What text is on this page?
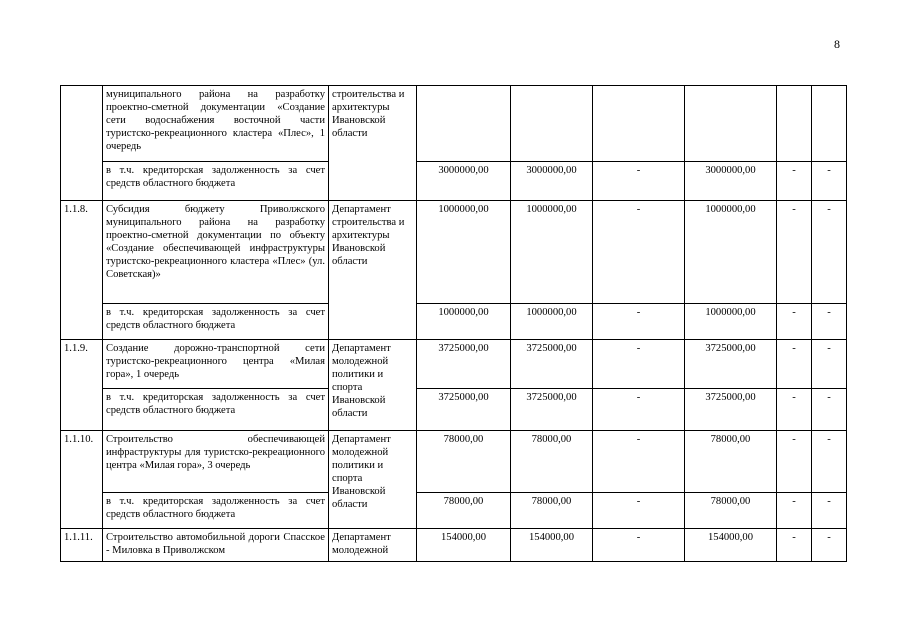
8
	муниципального района на разработку проектно-сметной документации «Создание сети водоснабжения восточной части туристско-рекреационного кластера «Плес», 1 очередь	строительства и архитектуры Ивановской области						
	в т.ч. кредиторская задолженность за счет средств областного бюджета		3000000,00	3000000,00	-	3000000,00	-	-
1.1.8.	Субсидия бюджету Приволжского муниципального района на разработку проектно-сметной документации по объекту «Создание обеспечивающей инфраструктуры туристско-рекреационного кластера «Плес» (ул. Советская)»	Департамент строительства и архитектуры Ивановской области	1000000,00	1000000,00	-	1000000,00	-	-
	в т.ч. кредиторская задолженность за счет средств областного бюджета		1000000,00	1000000,00	-	1000000,00	-	-
1.1.9.	Создание дорожно-транспортной сети туристско-рекреационного центра «Милая гора», 1 очередь	Департамент молодежной политики и спорта Ивановской области	3725000,00	3725000,00	-	3725000,00	-	-
	в т.ч. кредиторская задолженность за счет средств областного бюджета		3725000,00	3725000,00	-	3725000,00	-	-
1.1.10.	Строительство обеспечивающей инфраструктуры для туристско-рекреационного центра «Милая гора», 3 очередь	Департамент молодежной политики и спорта Ивановской области	78000,00	78000,00	-	78000,00	-	-
	в т.ч. кредиторская задолженность за счет средств областного бюджета		78000,00	78000,00	-	78000,00	-	-
1.1.11.	Строительство автомобильной дороги Спасское - Миловка в Приволжском	Департамент молодежной	154000,00	154000,00	-	154000,00	-	-
